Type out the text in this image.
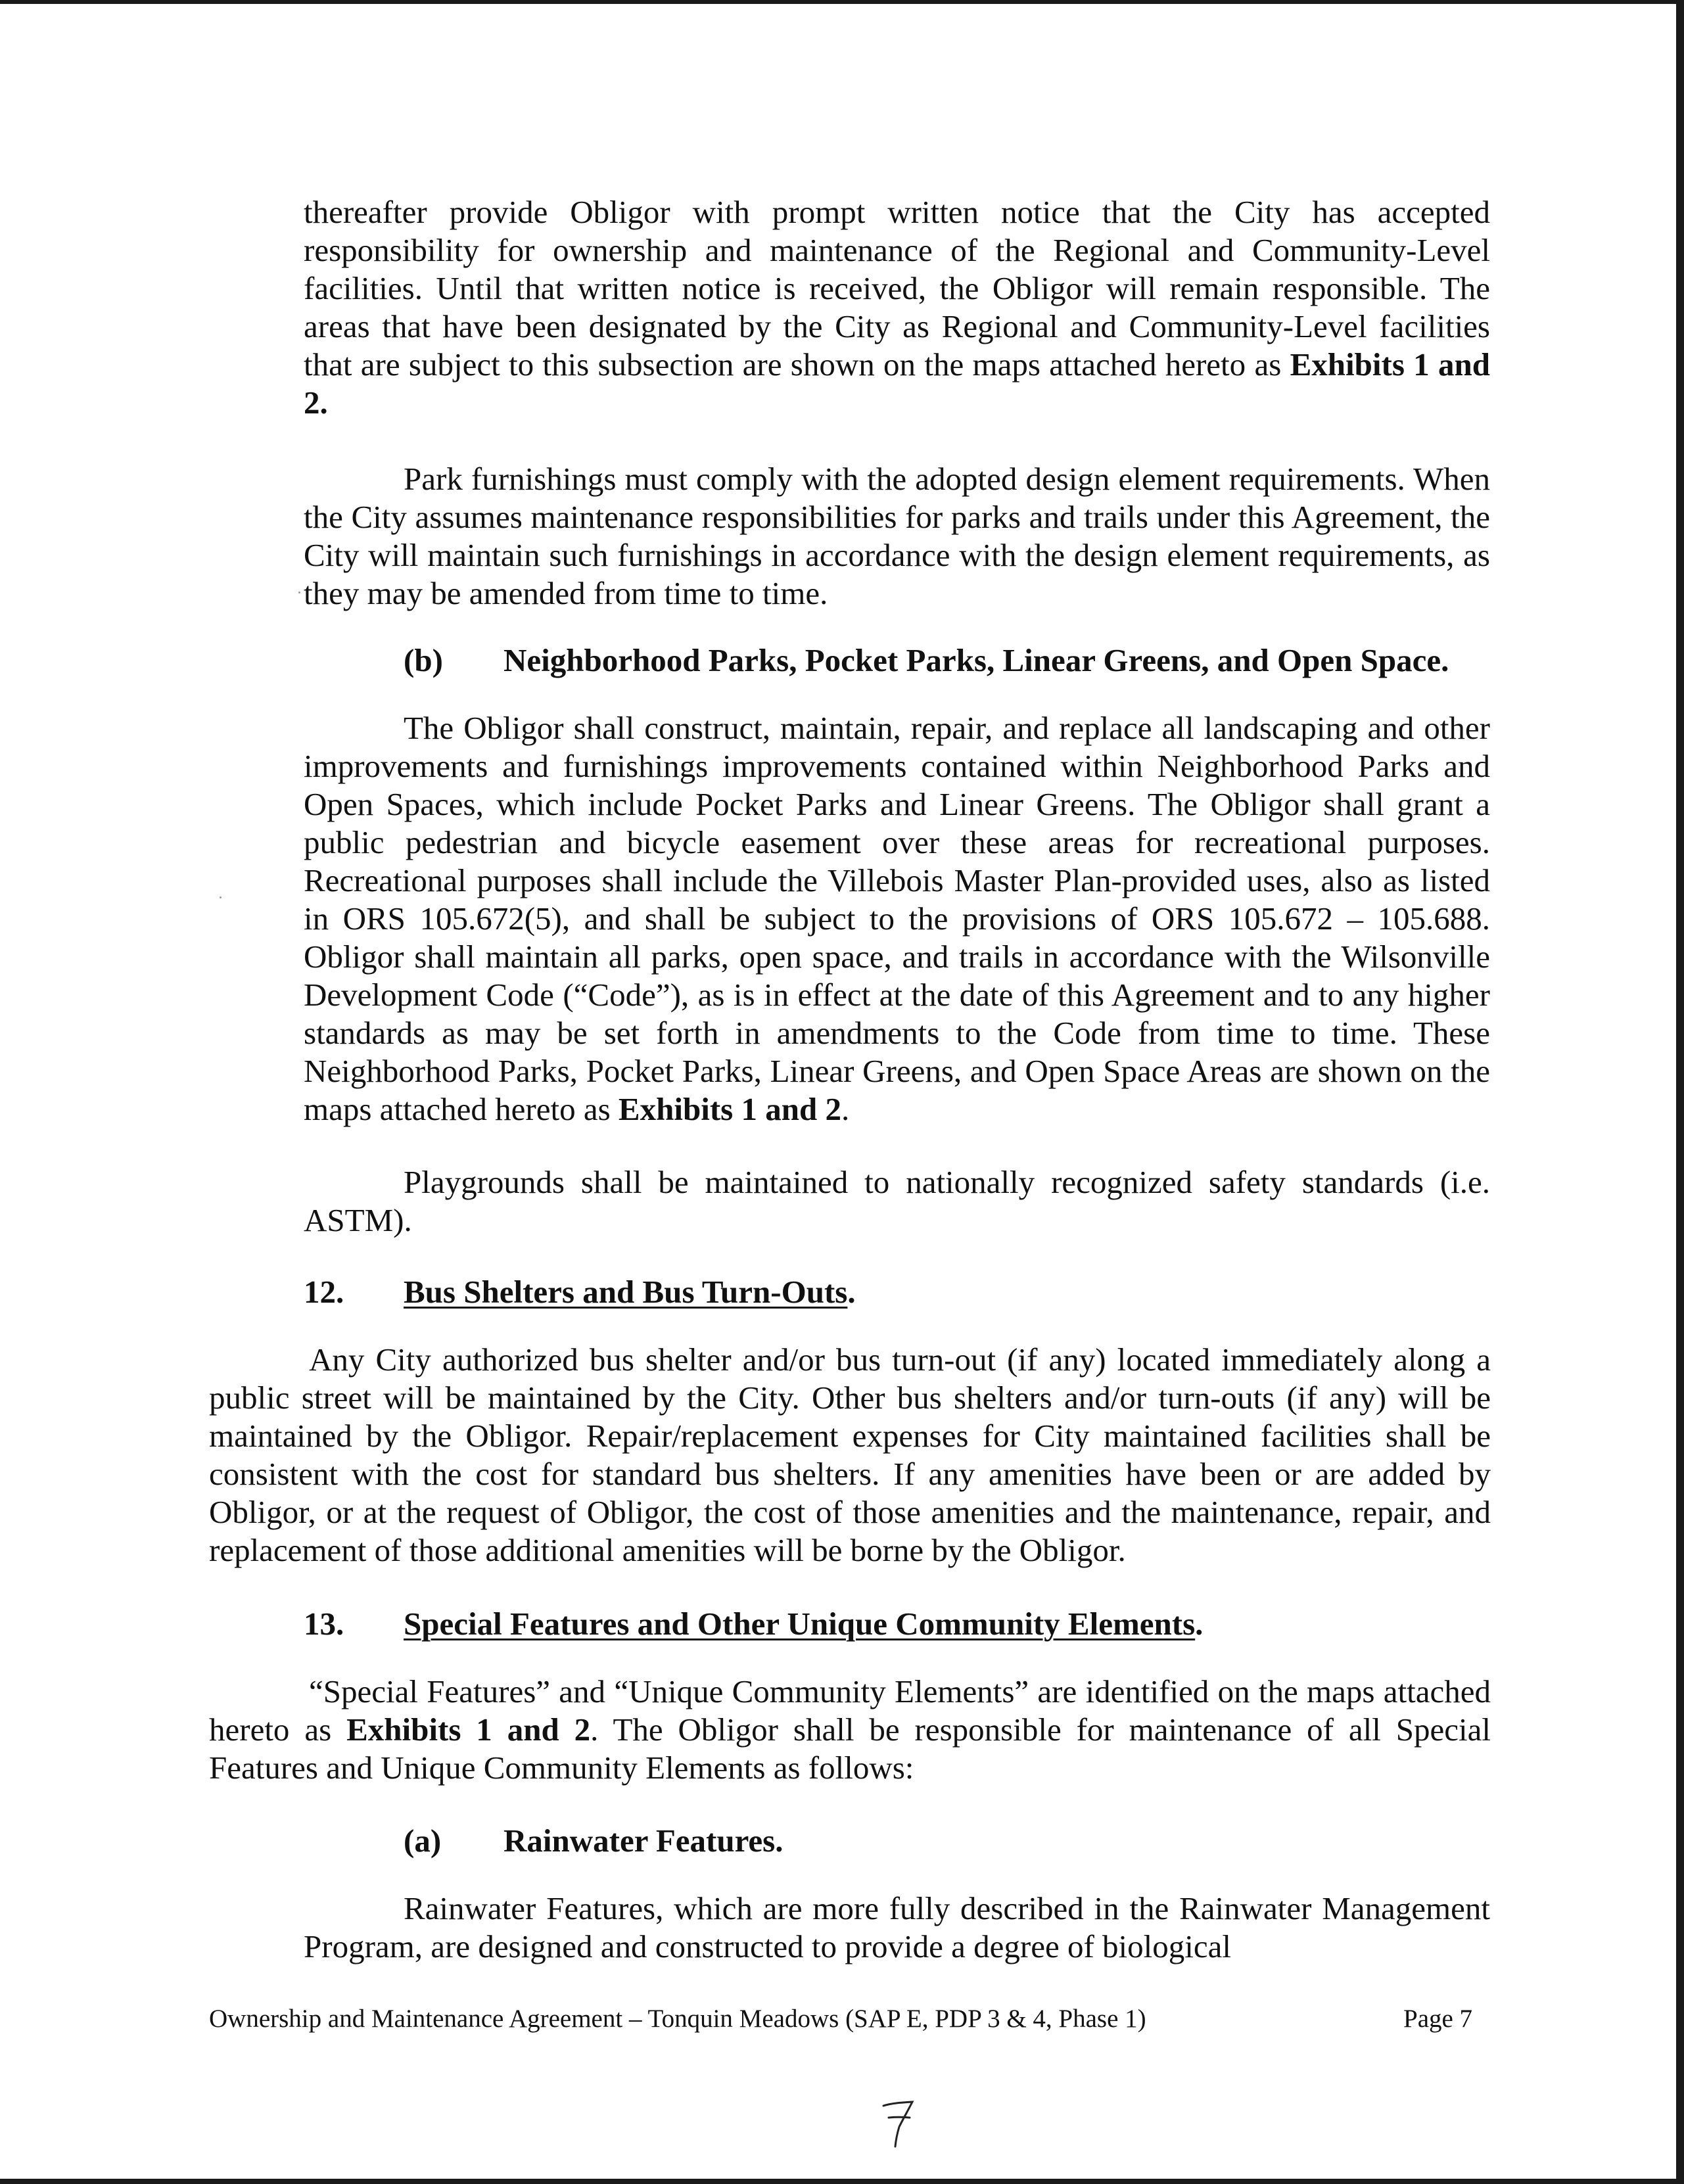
thereafter provide Obligor with prompt written notice that the City has accepted responsibility for ownership and maintenance of the Regional and Community-Level facilities. Until that written notice is received, the Obligor will remain responsible. The areas that have been designated by the City as Regional and Community-Level facilities that are subject to this subsection are shown on the maps attached hereto as Exhibits 1 and 2.

Park furnishings must comply with the adopted design element requirements. When the City assumes maintenance responsibilities for parks and trails under this Agreement, the City will maintain such furnishings in accordance with the design element requirements, as they may be amended from time to time.

(b) Neighborhood Parks, Pocket Parks, Linear Greens, and Open Space.

The Obligor shall construct, maintain, repair, and replace all landscaping and other improvements and furnishings improvements contained within Neighborhood Parks and Open Spaces, which include Pocket Parks and Linear Greens. The Obligor shall grant a public pedestrian and bicycle easement over these areas for recreational purposes. Recreational purposes shall include the Villebois Master Plan-provided uses, also as listed in ORS 105.672(5), and shall be subject to the provisions of ORS 105.672 – 105.688. Obligor shall maintain all parks, open space, and trails in accordance with the Wilsonville Development Code (“Code”), as is in effect at the date of this Agreement and to any higher standards as may be set forth in amendments to the Code from time to time. These Neighborhood Parks, Pocket Parks, Linear Greens, and Open Space Areas are shown on the maps attached hereto as Exhibits 1 and 2.

Playgrounds shall be maintained to nationally recognized safety standards (i.e. ASTM).

12. Bus Shelters and Bus Turn-Outs.

Any City authorized bus shelter and/or bus turn-out (if any) located immediately along a public street will be maintained by the City. Other bus shelters and/or turn-outs (if any) will be maintained by the Obligor. Repair/replacement expenses for City maintained facilities shall be consistent with the cost for standard bus shelters. If any amenities have been or are added by Obligor, or at the request of Obligor, the cost of those amenities and the maintenance, repair, and replacement of those additional amenities will be borne by the Obligor.

13. Special Features and Other Unique Community Elements.

“Special Features” and “Unique Community Elements” are identified on the maps attached hereto as Exhibits 1 and 2. The Obligor shall be responsible for maintenance of all Special Features and Unique Community Elements as follows:

(a) Rainwater Features.

Rainwater Features, which are more fully described in the Rainwater Management Program, are designed and constructed to provide a degree of biological

Ownership and Maintenance Agreement – Tonquin Meadows (SAP E, PDP 3 & 4, Phase 1)	Page 7
